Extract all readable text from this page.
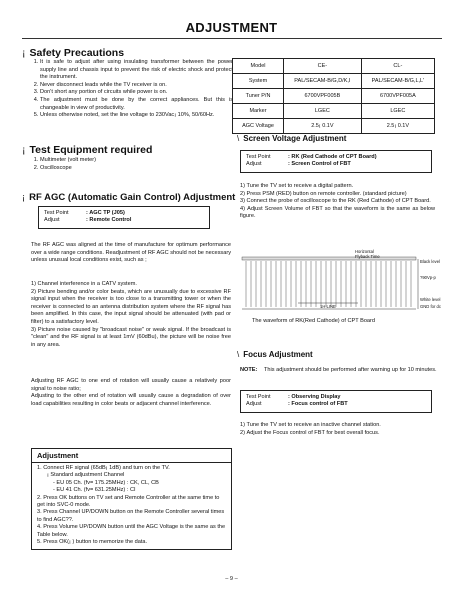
ADJUSTMENT
¡ Safety Precautions
1. It is safe to adjust after using insulating transformer between the power supply line and chassis input to prevent the risk of electric shock and protect the instrument.
2. Never disconnect leads while the TV receiver is on.
3. Don't short any portion of circuits while power is on.
4. The adjustment must be done by the correct appliances. But this is changeable in view of productivity.
5. Unless otherwise noted, set the line voltage to 230Vac¡ 10%, 50/60Hz.
¡ Test Equipment required
1. Multimeter (volt meter)
2. Oscilloscope
¡ RF AGC (Automatic Gain Control) Adjustment
Test Point	: AGC TP (J05)
Adjust	: Remote Control
The RF AGC was aligned at the time of manufacture for optimum performance over a wide range conditions. Readjustment of RF AGC should not be necessary unless unusual local conditions exist, such as ;

1) Channel interference in a CATV system.

2) Picture bending and/or color beats, which are unusually due to excessive RF signal input when the receiver is too close to a transmitting tower or when the receiver is connected to an antenna distribution system where the RF signal has been amplified. In this case, the input signal should be attenuated (with pad or filter) to a satisfactory level.

3) Picture noise caused by "broadcast noise" or weak signal. If the broadcast is "clean" and the RF signal is at least 1mV (60dBu), the picture will be noise free in any area.

Adjusting RF AGC to one end of rotation will usually cause a relatively poor signal to noise ratio;

Adjusting to the other end of rotation will usually cause a degradation of over load capabilities resulting in color beats or adjacent channel interference.

Adjustment
1. Connect RF signal (65dB¡ 1dB) and turn on the TV.
¡ Standard adjustment Channel
- EU 05 Ch. (fv= 175.25MHz) : CK, CL, CB
- EU 41 Ch. (fv= 631.25MHz) : CI
2. Press OK buttons on TV set and Remote Controller at the same time to get into SVC-0 mode.
3. Press Channel UP/DOWN button on the Remote Controller several times to find AGC??.
4. Press Volume UP/DOWN button until the AGC Voltage is the same as the Table below.
5. Press OK(¡ ) button to memorize the data.
Model	CE-	CL-
System	PAL/SECAM-B/G,D/K,I	PAL/SECAM-B/G,L,L'
Tuner P/N	6700VPF005B	6700VPF005A
Marker	LGEC	LGEC
AGC Voltage	2.5¡ 0.1V	2.5¡ 0.1V
\ Screen Voltage Adjustment
Test Point	: RK (Red Cathode of CPT Board)
Adjust	: Screen Control of FBT
1) Tune the TV set to receive a digital pattern.
2) Press PSM (RED) button on remote controller. (standard picture)
3) Connect the probe of oscilloscope to the RK (Red Cathode) of CPT Board.
4) Adjust Screen Volume of FBT so that the waveform is the same as below figure.
Horizontal
Flyback Time
Black level
?90Vp-p
1H LINE
White level
GND for dc
The waveform of RK(Red Cathode) of CPT Board
\ Focus Adjustment
NOTE:	This adjustment should be performed after warning up for 10 minutes.
Test Point	: Observing Display
Adjust	: Focus control of FBT
1) Tune the TV set to receive an inactive channel station.
2) Adjust the Focus control of FBT for best overall focus.
– 9 –
